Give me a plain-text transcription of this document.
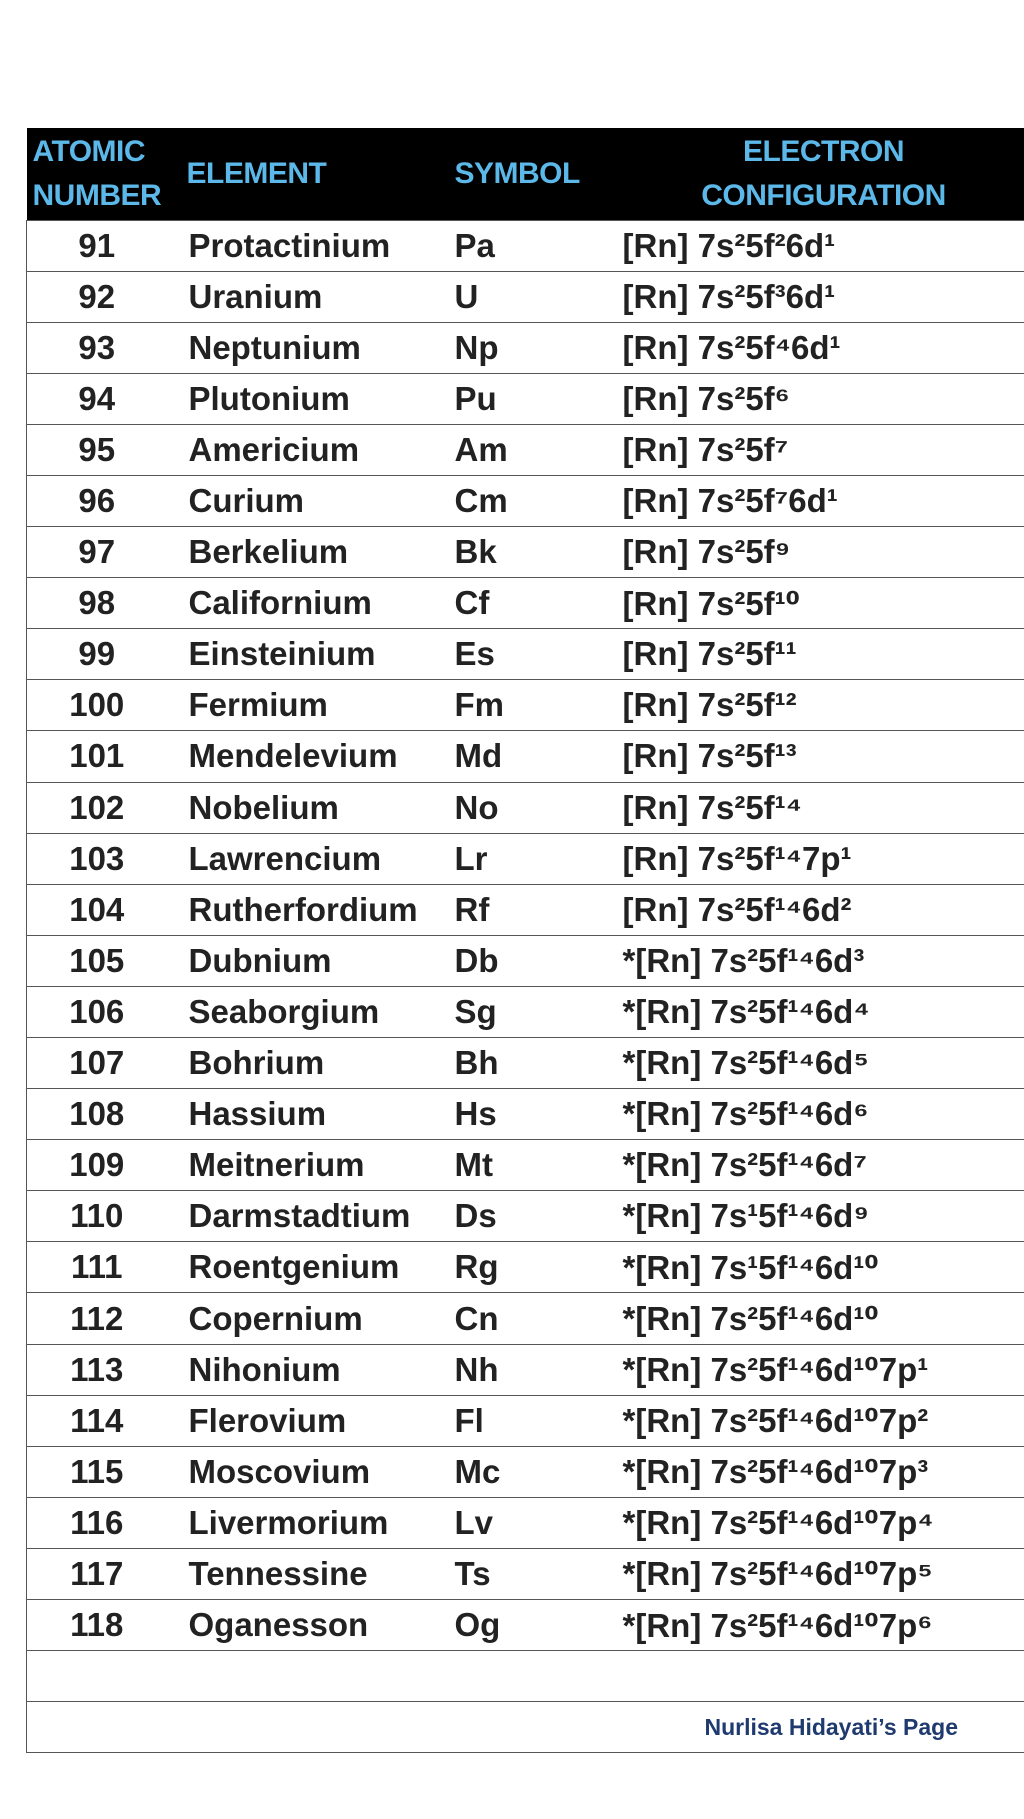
ATOMIC NUMBER	ELEMENT	SYMBOL	ELECTRON CONFIGURATION
91	Protactinium	Pa	[Rn] 7s²5f²6d¹
92	Uranium	U	[Rn] 7s²5f³6d¹
93	Neptunium	Np	[Rn] 7s²5f⁴6d¹
94	Plutonium	Pu	[Rn] 7s²5f⁶
95	Americium	Am	[Rn] 7s²5f⁷
96	Curium	Cm	[Rn] 7s²5f⁷6d¹
97	Berkelium	Bk	[Rn] 7s²5f⁹
98	Californium	Cf	[Rn] 7s²5f¹⁰
99	Einsteinium	Es	[Rn] 7s²5f¹¹
100	Fermium	Fm	[Rn] 7s²5f¹²
101	Mendelevium	Md	[Rn] 7s²5f¹³
102	Nobelium	No	[Rn] 7s²5f¹⁴
103	Lawrencium	Lr	[Rn] 7s²5f¹⁴7p¹
104	Rutherfordium	Rf	[Rn] 7s²5f¹⁴6d²
105	Dubnium	Db	*[Rn] 7s²5f¹⁴6d³
106	Seaborgium	Sg	*[Rn] 7s²5f¹⁴6d⁴
107	Bohrium	Bh	*[Rn] 7s²5f¹⁴6d⁵
108	Hassium	Hs	*[Rn] 7s²5f¹⁴6d⁶
109	Meitnerium	Mt	*[Rn] 7s²5f¹⁴6d⁷
110	Darmstadtium	Ds	*[Rn] 7s¹5f¹⁴6d⁹
111	Roentgenium	Rg	*[Rn] 7s¹5f¹⁴6d¹⁰
112	Copernium	Cn	*[Rn] 7s²5f¹⁴6d¹⁰
113	Nihonium	Nh	*[Rn] 7s²5f¹⁴6d¹⁰7p¹
114	Flerovium	Fl	*[Rn] 7s²5f¹⁴6d¹⁰7p²
115	Moscovium	Mc	*[Rn] 7s²5f¹⁴6d¹⁰7p³
116	Livermorium	Lv	*[Rn] 7s²5f¹⁴6d¹⁰7p⁴
117	Tennessine	Ts	*[Rn] 7s²5f¹⁴6d¹⁰7p⁵
118	Oganesson	Og	*[Rn] 7s²5f¹⁴6d¹⁰7p⁶

Nurlisa Hidayati’s Page			
